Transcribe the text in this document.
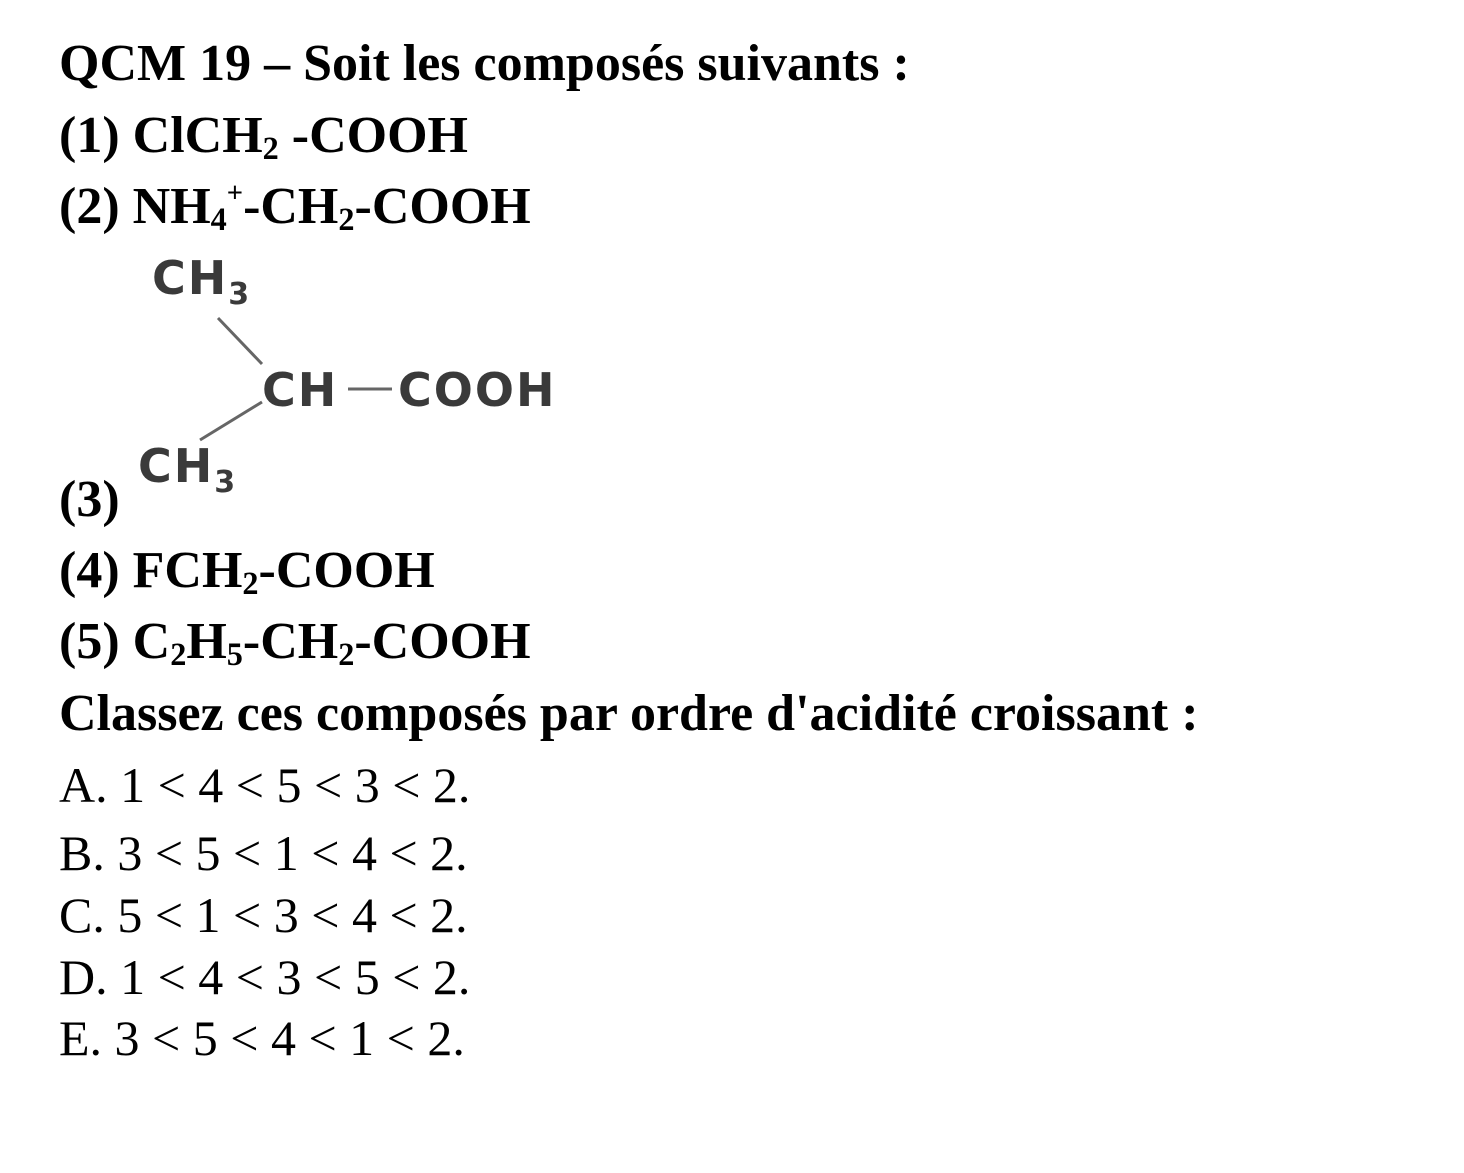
QCM 19 – Soit les composés suivants :
(1) ClCH$_2$ -COOH
(2) $NH_4^+-CH_2$-COOH
$CH_3$
CH COOH
$CH_3$
(3)
(4) $FCH_2$-COOH
(5) $C_2H_5-CH_2$-COOH
Classez ces composés par ordre d'acidité croissant :
A. 1 < 4 < 5 < 3 < 2.
B. 3 < 5 < 1 < 4 < 2.
C. 5 < 1 < 3 < 4 < 2.
D. 1 < 4 < 3 < 5 < 2.
E. 3 < 5 < 4 < 1 < 2.
